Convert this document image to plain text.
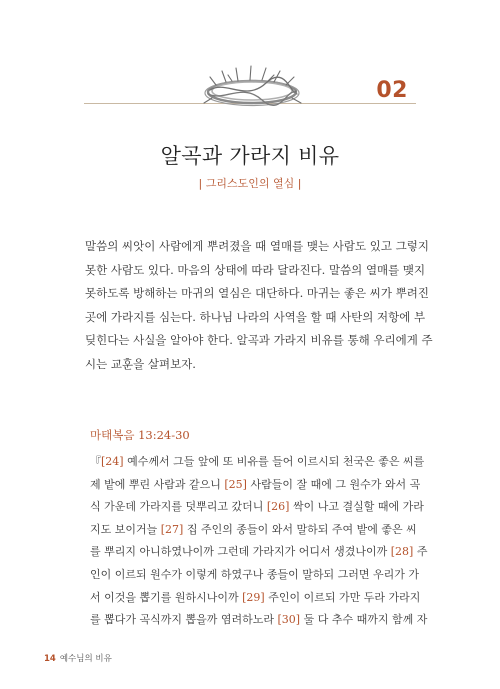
02
알곡과 가라지 비유
| 그리스도인의 열심 |

말씀의 씨앗이 사람에게 뿌려졌을 때 열매를 맺는 사람도 있고 그렇지
못한 사람도 있다. 마음의 상태에 따라 달라진다. 말씀의 열매를 맺지
못하도록 방해하는 마귀의 열심은 대단하다. 마귀는 좋은 씨가 뿌려진
곳에 가라지를 심는다. 하나님 나라의 사역을 할 때 사탄의 저항에 부
딪힌다는 사실을 알아야 한다. 알곡과 가라지 비유를 통해 우리에게 주
시는 교훈을 살펴보자.

마태복음 13:24-30

『[24] 예수께서 그들 앞에 또 비유를 들어 이르시되 천국은 좋은 씨를
제 밭에 뿌린 사람과 같으니 [25] 사람들이 잘 때에 그 원수가 와서 곡
식 가운데 가라지를 덧뿌리고 갔더니 [26] 싹이 나고 결실할 때에 가라
지도 보이거늘 [27] 집 주인의 종들이 와서 말하되 주여 밭에 좋은 씨
를 뿌리지 아니하였나이까 그런데 가라지가 어디서 생겼나이까 [28] 주
인이 이르되 원수가 이렇게 하였구나 종들이 말하되 그러면 우리가 가
서 이것을 뽑기를 원하시나이까 [29] 주인이 이르되 가만 두라 가라지
를 뽑다가 곡식까지 뽑을까 염려하노라 [30] 둘 다 추수 때까지 함께 자

14 예수님의 비유
